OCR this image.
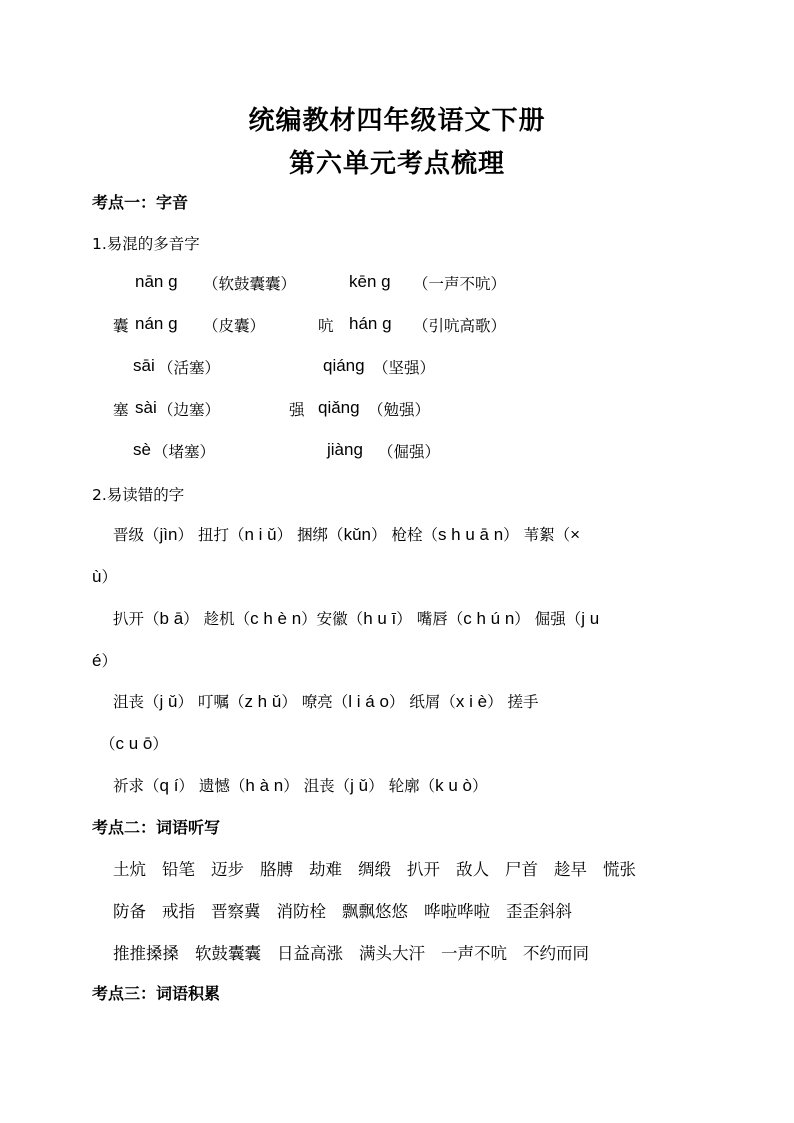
统编教材四年级语文下册
第六单元考点梳理
考点一：字音
1.易混的多音字
nān g （软鼓囊囊）	kēn g （一声不吭）
囊 nán g （皮囊）	吭 hán g （引吭高歌）
sāi （活塞）	qiáng （坚强）
塞 sài （边塞）	强 qiǎng （勉强）
sè （堵塞）	jiàng （倔强）
2.易读错的字
晋级（jìn） 扭打（n i ǔ） 捆绑（kǔn） 枪栓（s h u ā n） 苇絮（×
ù）
扒开（b ā） 趁机（c h è n）安徽（h u ī） 嘴唇（c h ú n） 倔强（j u
é）
沮丧（j ǔ） 叮嘱（z h ǔ） 嘹亮（l i á o） 纸屑（x i è） 搓手
（c u ō）
祈求（q í） 遗憾（h à n） 沮丧（j ǔ） 轮廓（k u ò）
考点二：词语听写
土炕 铅笔 迈步 胳膊 劫难 绸缎 扒开 敌人 尸首 趁早 慌张
防备 戒指 晋察冀 消防栓 飘飘悠悠 哗啦哗啦 歪歪斜斜
推推搡搡 软鼓囊囊 日益高涨 满头大汗 一声不吭 不约而同
考点三：词语积累
